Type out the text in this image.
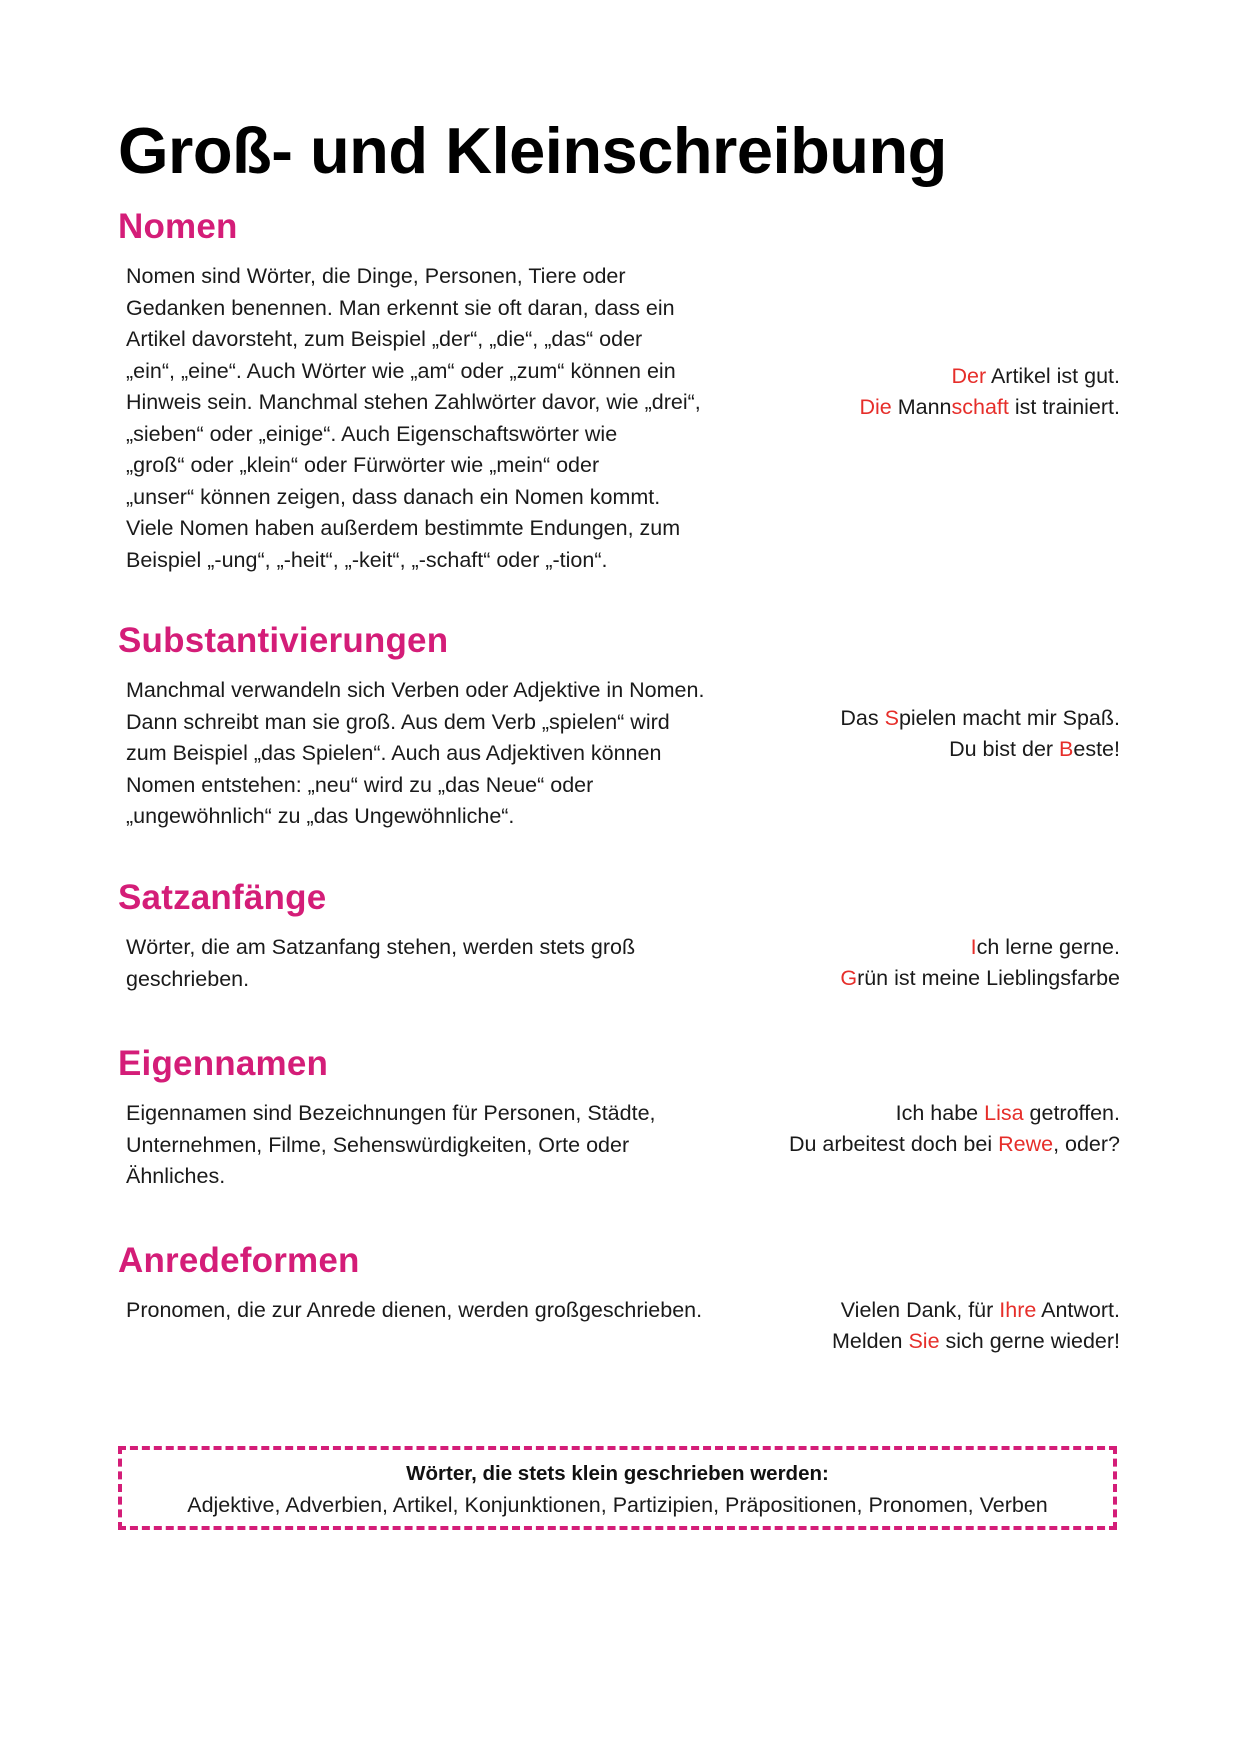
Groß- und Kleinschreibung
Nomen
Nomen sind Wörter, die Dinge, Personen, Tiere oder
Gedanken benennen. Man erkennt sie oft daran, dass ein
Artikel davorsteht, zum Beispiel „der“, „die“, „das“ oder
„ein“, „eine“. Auch Wörter wie „am“ oder „zum“ können ein
Hinweis sein. Manchmal stehen Zahlwörter davor, wie „drei“,
„sieben“ oder „einige“. Auch Eigenschaftswörter wie
„groß“ oder „klein“ oder Fürwörter wie „mein“ oder
„unser“ können zeigen, dass danach ein Nomen kommt.
Viele Nomen haben außerdem bestimmte Endungen, zum
Beispiel „-ung“, „-heit“, „-keit“, „-schaft“ oder „-tion“.
Der Artikel ist gut.
Die Mannschaft ist trainiert.
Substantivierungen
Manchmal verwandeln sich Verben oder Adjektive in Nomen.
Dann schreibt man sie groß. Aus dem Verb „spielen“ wird
zum Beispiel „das Spielen“. Auch aus Adjektiven können
Nomen entstehen: „neu“ wird zu „das Neue“ oder
„ungewöhnlich“ zu „das Ungewöhnliche“.
Das Spielen macht mir Spaß.
Du bist der Beste!
Satzanfänge
Wörter, die am Satzanfang stehen, werden stets groß
geschrieben.
Ich lerne gerne.
Grün ist meine Lieblingsfarbe
Eigennamen
Eigennamen sind Bezeichnungen für Personen, Städte,
Unternehmen, Filme, Sehenswürdigkeiten, Orte oder
Ähnliches.
Ich habe Lisa getroffen.
Du arbeitest doch bei Rewe, oder?
Anredeformen
Pronomen, die zur Anrede dienen, werden großgeschrieben.	Vielen Dank, für Ihre Antwort.
Melden Sie sich gerne wieder!
Wörter, die stets klein geschrieben werden:
Adjektive, Adverbien, Artikel, Konjunktionen, Partizipien, Präpositionen, Pronomen, Verben
